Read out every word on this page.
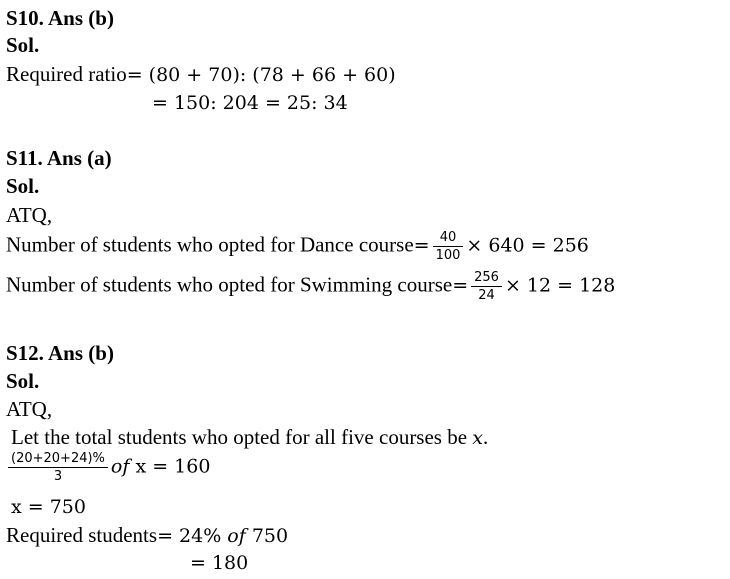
S10. Ans (b)
Sol.
Required ratio= (80 + 70): (78 + 66 + 60)
= 150: 204 = 25: 34
S11. Ans (a)
Sol.
ATQ,
Number of students who opted for Dance course= $\frac{40}{100} \times 640 = 256$
Number of students who opted for Swimming course= $\frac{256}{24} \times 12 = 128$
S12. Ans (b)
Sol.
ATQ,
Let the total students who opted for all five courses be x.
$\frac{(20+20+24)\%}{3}$ of x = 160
x = 750
Required students= 24% of 750
= 180
